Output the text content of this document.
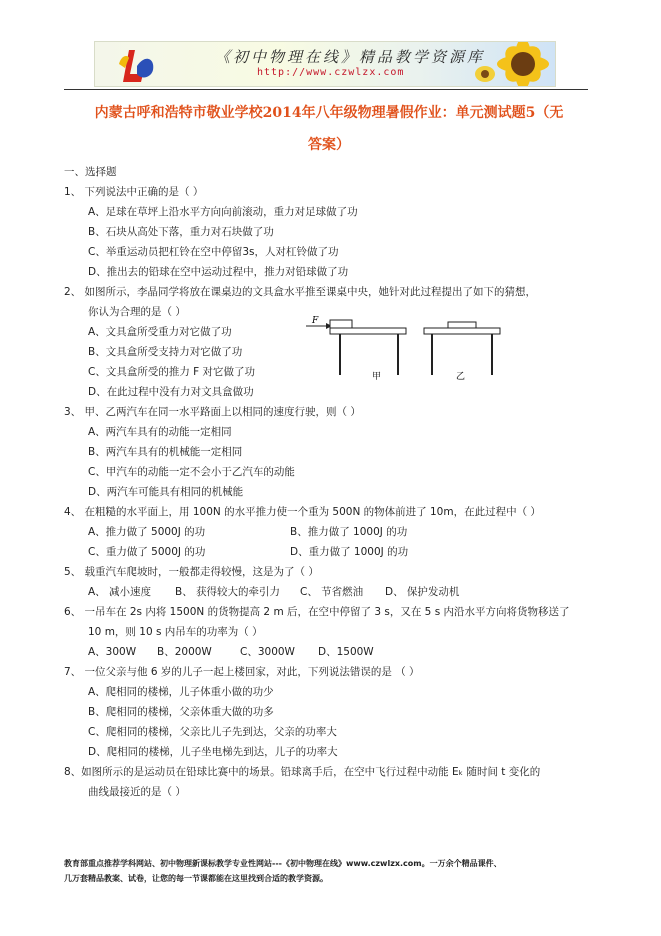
《初中物理在线》精品教学资源库
http://www.czwlzx.com
内蒙古呼和浩特市敬业学校2014年八年级物理暑假作业：单元测试题5（无
答案）
一、选择题
1、 下列说法中正确的是（ ）
A、足球在草坪上沿水平方向向前滚动，重力对足球做了功
B、石块从高处下落，重力对石块做了功
C、举重运动员把杠铃在空中停留3s，人对杠铃做了功
D、推出去的铅球在空中运动过程中，推力对铅球做了功
2、 如图所示，李晶同学将放在课桌边的文具盒水平推至课桌中央，她针对此过程提出了如下的猜想，
你认为合理的是（ ）
A、文具盒所受重力对它做了功
B、文具盒所受支持力对它做了功
C、文具盒所受的推力 F 对它做了功
D、在此过程中没有力对文具盒做功
F
甲	乙
3、 甲、乙两汽车在同一水平路面上以相同的速度行驶，则（ ）
A、两汽车具有的动能一定相同
B、两汽车具有的机械能一定相同
C、甲汽车的动能一定不会小于乙汽车的动能
D、两汽车可能具有相同的机械能
4、 在粗糙的水平面上，用 100N 的水平推力使一个重为 500N 的物体前进了 10m，在此过程中（ ）
A、推力做了 5000J 的功	B、推力做了 1000J 的功
C、重力做了 5000J 的功	D、重力做了 1000J 的功
5、 载重汽车爬坡时，一般都走得较慢，这是为了（ ）
A、 减小速度 B、 获得较大的牵引力 C、 节省燃油 D、 保护发动机
6、 一吊车在 2s 内将 1500N 的货物提高 2 m 后，在空中停留了 3 s，又在 5 s 内沿水平方向将货物移送了
10 m，则 10 s 内吊车的功率为（ ）
A、300W B、2000W	C、3000W D、1500W
7、 一位父亲与他 6 岁的儿子一起上楼回家，对此，下列说法错误的是 （ ）
A、爬相同的楼梯，儿子体重小做的功少
B、爬相同的楼梯，父亲体重大做的功多
C、爬相同的楼梯，父亲比儿子先到达，父亲的功率大
D、爬相同的楼梯，儿子坐电梯先到达，儿子的功率大
8、如图所示的是运动员在铅球比赛中的场景。铅球离手后，在空中飞行过程中动能 Eₖ 随时间 t 变化的
曲线最接近的是（ ）
教育部重点推荐学科网站、初中物理新课标教学专业性网站---《初中物理在线》www.czwlzx.com。一万余个精品课件、
几万套精品教案、试卷，让您的每一节课都能在这里找到合适的教学资源。
